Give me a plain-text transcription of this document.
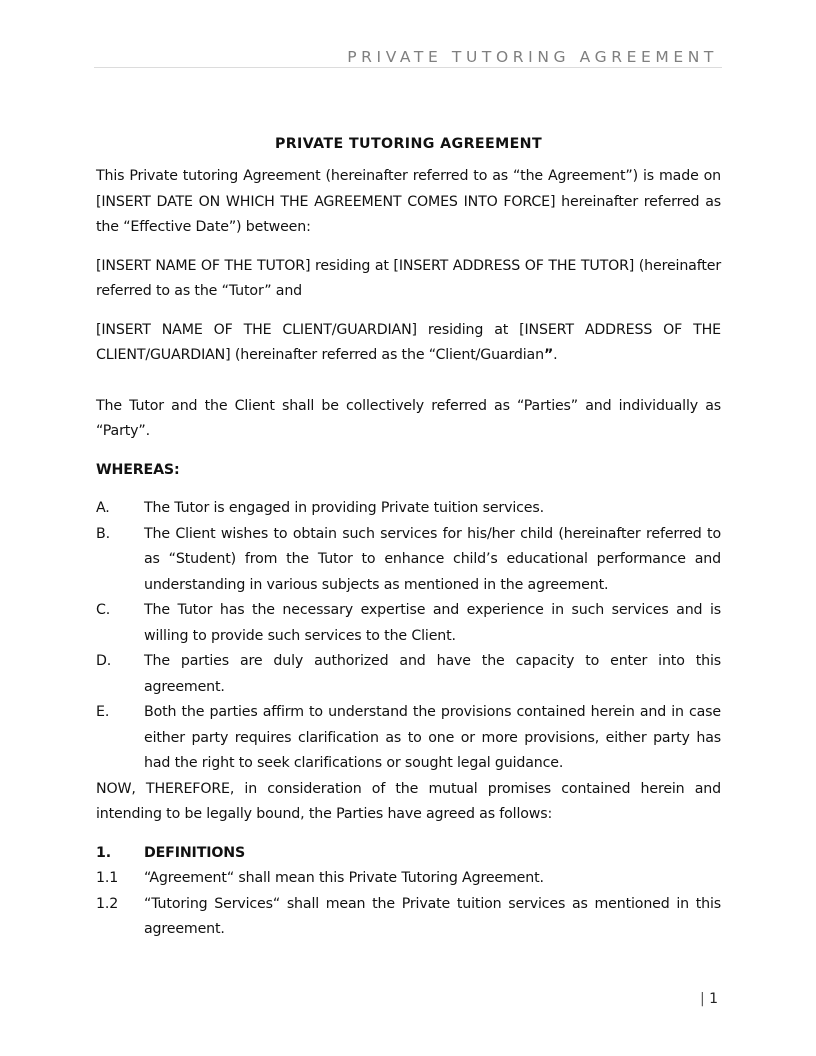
PRIVATE TUTORING AGREEMENT
PRIVATE TUTORING AGREEMENT

This Private tutoring Agreement (hereinafter referred to as “the Agreement”) is made on [INSERT DATE ON WHICH THE AGREEMENT COMES INTO FORCE] hereinafter referred as the “Effective Date”) between:

[INSERT NAME OF THE TUTOR] residing at [INSERT ADDRESS OF THE TUTOR] (hereinafter referred to as the “Tutor” and

[INSERT NAME OF THE CLIENT/GUARDIAN] residing at [INSERT ADDRESS OF THE CLIENT/GUARDIAN] (hereinafter referred as the “Client/Guardian”.

The Tutor and the Client shall be collectively referred as “Parties” and individually as “Party”.

WHEREAS:
A.	The Tutor is engaged in providing Private tuition services.
B.	The Client wishes to obtain such services for his/her child (hereinafter referred to as “Student) from the Tutor to enhance child’s educational performance and understanding in various subjects as mentioned in the agreement.
C.	The Tutor has the necessary expertise and experience in such services and is willing to provide such services to the Client.
D.	The parties are duly authorized and have the capacity to enter into this agreement.
E.	Both the parties affirm to understand the provisions contained herein and in case either party requires clarification as to one or more provisions, either party has had the right to seek clarifications or sought legal guidance.

NOW, THEREFORE, in consideration of the mutual promises contained herein and intending to be legally bound, the Parties have agreed as follows:

1.	DEFINITIONS
1.1	“Agreement“ shall mean this Private Tutoring Agreement.
1.2	“Tutoring Services“ shall mean the Private tuition services as mentioned in this agreement.
| 1
